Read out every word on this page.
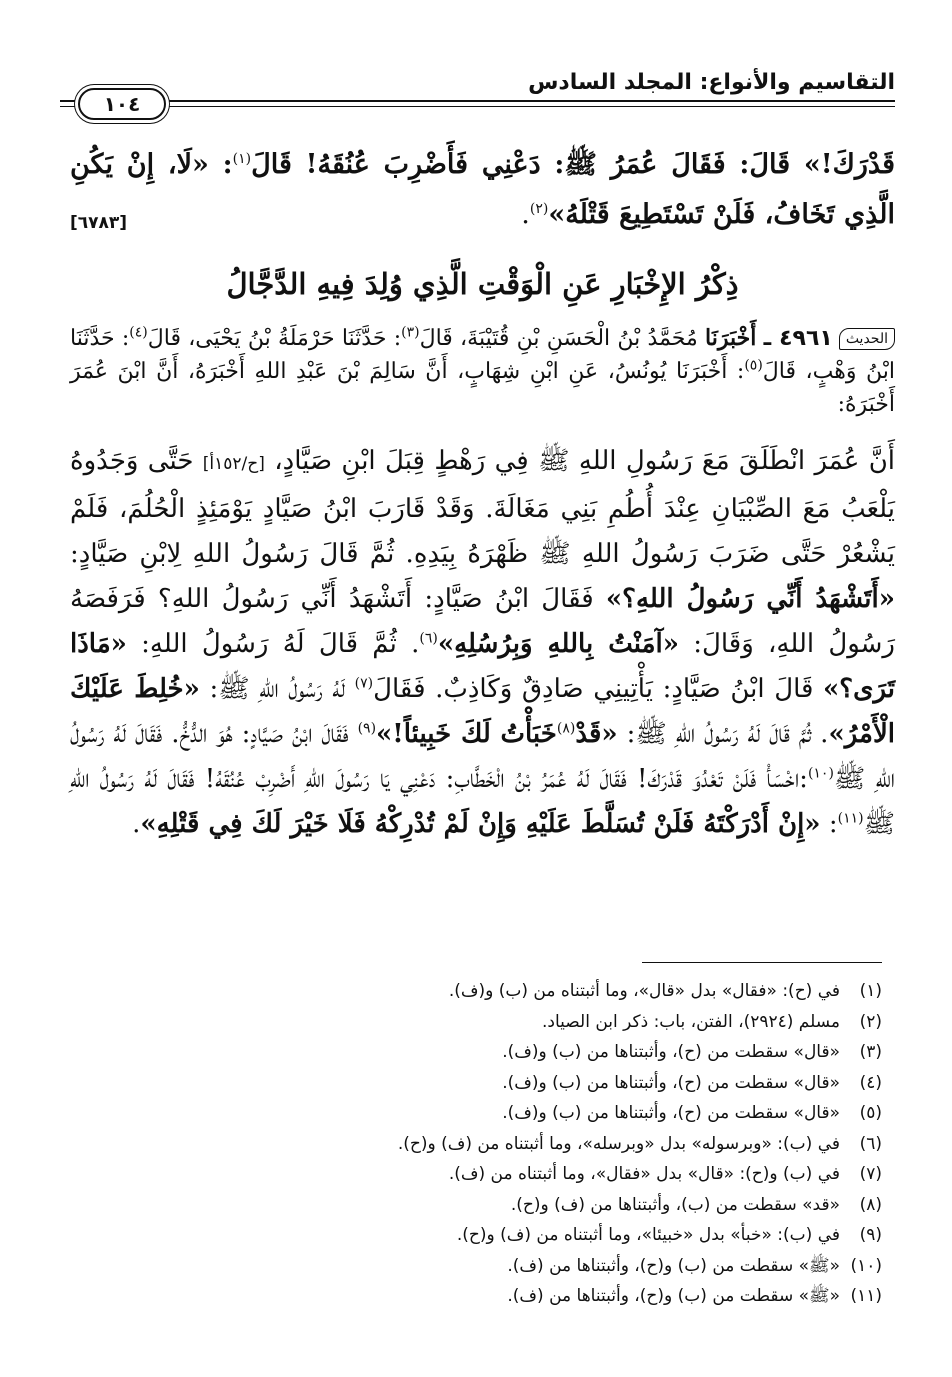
التقاسيم والأنواع: المجلد السادس
١٠٤

قَدْرَكَ!» قَالَ: فَقَالَ عُمَرُ ﷺ: دَعْنِي فَأَضْرِبَ عُنُقَهُ! قَالَ$^{(١)}$: «لَا، إِنْ يَكُنِ الَّذِي تَخَافُ، فَلَنْ تَسْتَطِيعَ قَتْلَهُ»$^{(٢)}$.
[٦٧٨٣]

ذِكْرُ الإِخْبَارِ عَنِ الْوَقْتِ الَّذِي وُلِدَ فِيهِ الدَّجَّالُ

الحديث٤٩٦١ ـ أَخْبَرَنَا مُحَمَّدُ بْنُ الْحَسَنِ بْنِ قُتَيْبَةَ، قَالَ$^{(٣)}$: حَدَّثَنَا حَرْمَلَةُ بْنُ يَحْيَى، قَالَ$^{(٤)}$: حَدَّثَنَا ابْنُ وَهْبٍ، قَالَ$^{(٥)}$: أَخْبَرَنَا يُونُسُ، عَنِ ابْنِ شِهَابٍ، أَنَّ سَالِمَ بْنَ عَبْدِ اللهِ أَخْبَرَهُ، أَنَّ ابْنَ عُمَرَ أَخْبَرَهُ:

أَنَّ عُمَرَ انْطَلَقَ مَعَ رَسُولِ اللهِ ﷺ فِي رَهْطٍ قِبَلَ ابْنِ صَيَّادٍ، [ح/١٥٢أ] حَتَّى وَجَدُوهُ يَلْعَبُ مَعَ الصِّبْيَانِ عِنْدَ أُطُمِ بَنِي مَغَالَةَ. وَقَدْ قَارَبَ ابْنُ صَيَّادٍ يَوْمَئِذٍ الْحُلُمَ، فَلَمْ يَشْعُرْ حَتَّى ضَرَبَ رَسُولُ اللهِ ﷺ ظَهْرَهُ بِيَدِهِ. ثُمَّ قَالَ رَسُولُ اللهِ لِابْنِ صَيَّادٍ: «أَتَشْهَدُ أَنِّي رَسُولُ اللهِ؟» فَقَالَ ابْنُ صَيَّادٍ: أَتَشْهَدُ أَنِّي رَسُولُ اللهِ؟ فَرَفَصَهُ رَسُولُ اللهِ، وَقَالَ: «آمَنْتُ بِاللهِ وَبِرُسُلِهِ»$^{(٦)}$. ثُمَّ قَالَ لَهُ رَسُولُ اللهِ: «مَاذَا تَرَى؟» قَالَ ابْنُ صَيَّادٍ: يَأْتِينِي صَادِقٌ وَكَاذِبٌ. فَقَالَ$^{(٧)}$ لَهُ رَسُولُ اللهِ ﷺ: «خُلِطَ عَلَيْكَ الْأَمْرُ». ثُمَّ قَالَ لَهُ رَسُولُ اللهِ ﷺ: «قَدْ$^{(٨)}$خَبَأْتُ لَكَ خَبِيئاً!»$^{(٩)}$ فَقَالَ ابْنُ صَيَّادٍ: هُوَ الدُّخُّ. فَقَالَ لَهُ رَسُولُ اللهِ ﷺ$^{(١٠)}$:اخْسَأْ فَلَنْ تَعْدُوَ قَدْرَكَ! فَقَالَ لَهُ عُمَرُ بْنُ الْخَطَّابِ: دَعْنِي يَا رَسُولَ اللهِ أَضْرِبْ عُنُقَهُ! فَقَالَ لَهُ رَسُولُ اللهِ ﷺ$^{(١١)}$: «إِنْ أَدْرَكْتَهُ فَلَنْ تُسَلَّطَ عَلَيْهِ وَإِنْ لَمْ تُدْرِكْهُ فَلَا خَيْرَ لَكَ فِي قَتْلِهِ».

(١)في (ح): «فقال» بدل «قال»، وما أثبتناه من (ب) و(ف).
(٢)مسلم (٢٩٢٤)، الفتن، باب: ذكر ابن الصياد.
(٣)«قال» سقطت من (ح)، وأثبتناها من (ب) و(ف).
(٤)«قال» سقطت من (ح)، وأثبتناها من (ب) و(ف).
(٥)«قال» سقطت من (ح)، وأثبتناها من (ب) و(ف).
(٦)في (ب): «وبرسوله» بدل «وبرسله»، وما أثبتناه من (ف) و(ح).
(٧)في (ب) و(ح): «قال» بدل «فقال»، وما أثبتناه من (ف).
(٨)«قد» سقطت من (ب)، وأثبتناها من (ف) و(ح).
(٩)في (ب): «خبأ» بدل «خبيئا»، وما أثبتناه من (ف) و(ح).
(١٠)«ﷺ» سقطت من (ب) و(ح)، وأثبتناها من (ف).
(١١)«ﷺ» سقطت من (ب) و(ح)، وأثبتناها من (ف).
